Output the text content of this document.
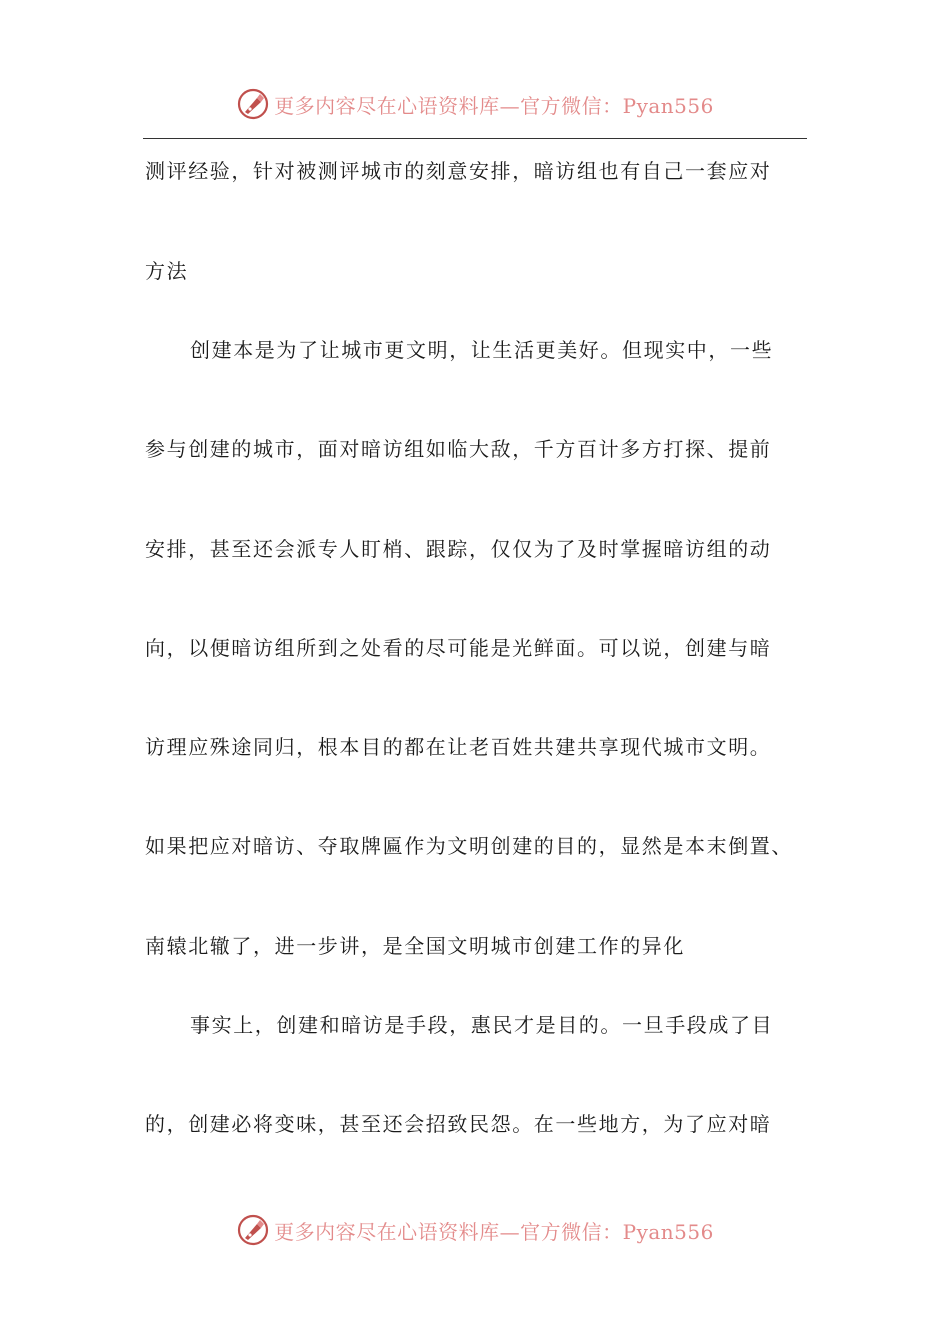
更多内容尽在心语资料库—官方微信：Pyan556
测评经验，针对被测评城市的刻意安排，暗访组也有自己一套应对
方法
创建本是为了让城市更文明，让生活更美好。但现实中，一些
参与创建的城市，面对暗访组如临大敌，千方百计多方打探、提前
安排，甚至还会派专人盯梢、跟踪，仅仅为了及时掌握暗访组的动
向，以便暗访组所到之处看的尽可能是光鲜面。可以说，创建与暗
访理应殊途同归，根本目的都在让老百姓共建共享现代城市文明。
如果把应对暗访、夺取牌匾作为文明创建的目的，显然是本末倒置、
南辕北辙了，进一步讲，是全国文明城市创建工作的异化
事实上，创建和暗访是手段，惠民才是目的。一旦手段成了目
的，创建必将变味，甚至还会招致民怨。在一些地方，为了应对暗
更多内容尽在心语资料库—官方微信：Pyan556
